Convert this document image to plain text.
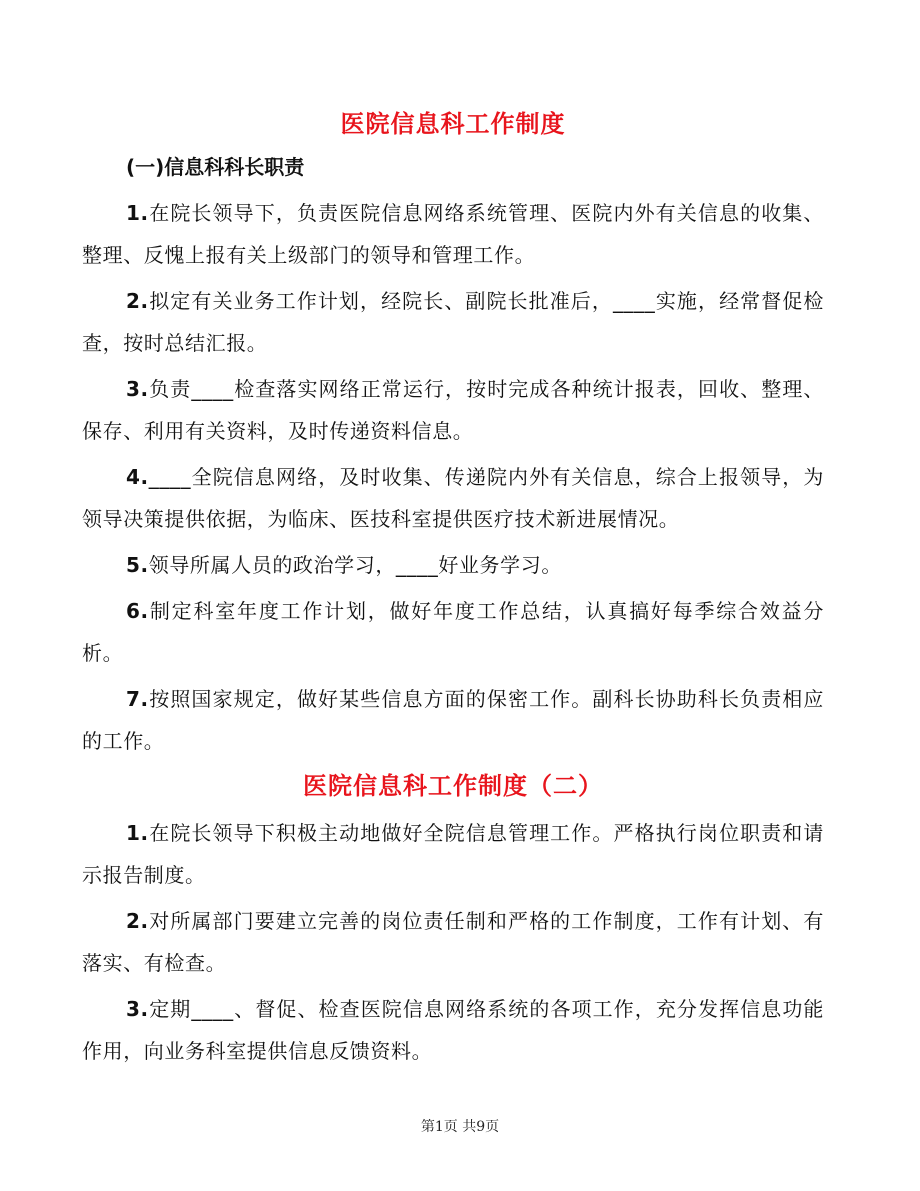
医院信息科工作制度
(一)信息科科长职责

1.在院长领导下，负责医院信息网络系统管理、医院内外有关信息的收集、整理、反愧上报有关上级部门的领导和管理工作。

2.拟定有关业务工作计划，经院长、副院长批准后，____实施，经常督促检查，按时总结汇报。

3.负责____检查落实网络正常运行，按时完成各种统计报表，回收、整理、保存、利用有关资料，及时传递资料信息。

4.____全院信息网络，及时收集、传递院内外有关信息，综合上报领导，为领导决策提供依据，为临床、医技科室提供医疗技术新进展情况。

5.领导所属人员的政治学习，____好业务学习。

6.制定科室年度工作计划，做好年度工作总结，认真搞好每季综合效益分析。

7.按照国家规定，做好某些信息方面的保密工作。副科长协助科长负责相应的工作。

医院信息科工作制度（二）

1.在院长领导下积极主动地做好全院信息管理工作。严格执行岗位职责和请示报告制度。

2.对所属部门要建立完善的岗位责任制和严格的工作制度，工作有计划、有落实、有检查。

3.定期____、督促、检查医院信息网络系统的各项工作，充分发挥信息功能作用，向业务科室提供信息反馈资料。

第1页 共9页
